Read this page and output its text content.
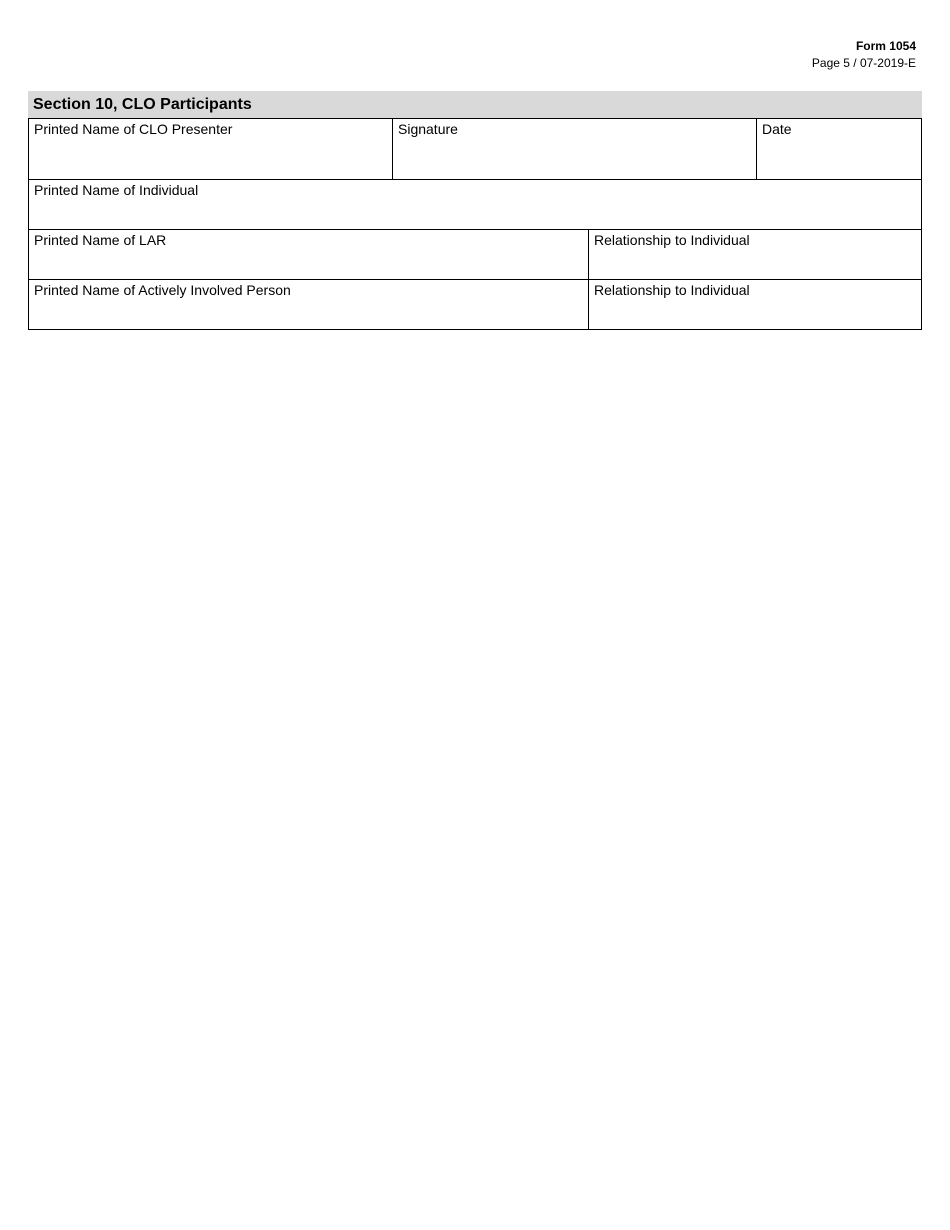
Form 1054
Page 5 / 07-2019-E
Section 10, CLO Participants
Printed Name of CLO Presenter	Signature	Date
Printed Name of Individual
Printed Name of LAR	Relationship to Individual
Printed Name of Actively Involved Person	Relationship to Individual
